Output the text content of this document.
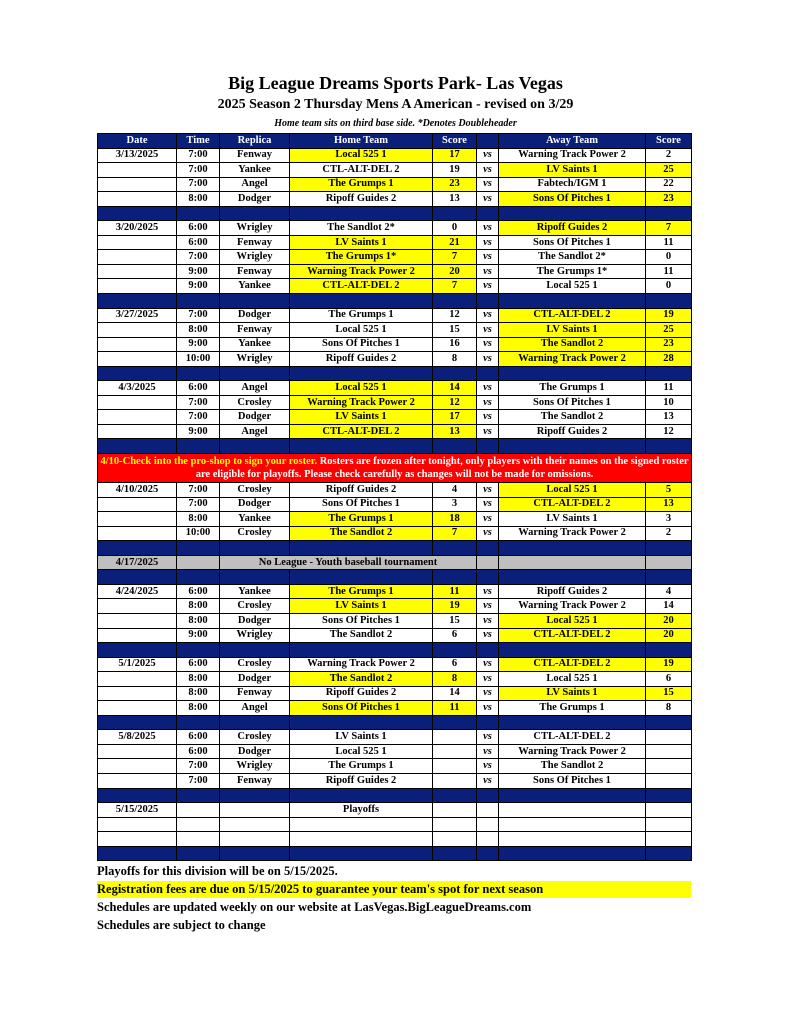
Big League Dreams Sports Park- Las Vegas
2025 Season 2 Thursday Mens A American - revised on 3/29
Home team sits on third base side. *Denotes Doubleheader
Date	Time	Replica	Home Team	Score		Away Team	Score
3/13/2025	7:00	Fenway	Local 525 1	17	vs	Warning Track Power 2	2
	7:00	Yankee	CTL-ALT-DEL 2	19	vs	LV Saints 1	25
	7:00	Angel	The Grumps 1	23	vs	Fabtech/IGM 1	22
	8:00	Dodger	Ripoff Guides 2	13	vs	Sons Of Pitches 1	23

3/20/2025	6:00	Wrigley	The Sandlot 2*	0	vs	Ripoff Guides 2	7
	6:00	Fenway	LV Saints 1	21	vs	Sons Of Pitches 1	11
	7:00	Wrigley	The Grumps 1*	7	vs	The Sandlot 2*	0
	9:00	Fenway	Warning Track Power 2	20	vs	The Grumps 1*	11
	9:00	Yankee	CTL-ALT-DEL 2	7	vs	Local 525 1	0

3/27/2025	7:00	Dodger	The Grumps 1	12	vs	CTL-ALT-DEL 2	19
	8:00	Fenway	Local 525 1	15	vs	LV Saints 1	25
	9:00	Yankee	Sons Of Pitches 1	16	vs	The Sandlot 2	23
	10:00	Wrigley	Ripoff Guides 2	8	vs	Warning Track Power 2	28

4/3/2025	6:00	Angel	Local 525 1	14	vs	The Grumps 1	11
	7:00	Crosley	Warning Track Power 2	12	vs	Sons Of Pitches 1	10
	7:00	Dodger	LV Saints 1	17	vs	The Sandlot 2	13
	9:00	Angel	CTL-ALT-DEL 2	13	vs	Ripoff Guides 2	12

4/10-Check into the pro-shop to sign your roster. Rosters are frozen after tonight, only players with their names on the signed roster are eligible for playoffs. Please check carefully as changes will not be made for omissions.							
4/10/2025	7:00	Crosley	Ripoff Guides 2	4	vs	Local 525 1	5
	7:00	Dodger	Sons Of Pitches 1	3	vs	CTL-ALT-DEL 2	13
	8:00	Yankee	The Grumps 1	18	vs	LV Saints 1	3
	10:00	Crosley	The Sandlot 2	7	vs	Warning Track Power 2	2

4/17/2025		No League - Youth baseball tournament					

4/24/2025	6:00	Yankee	The Grumps 1	11	vs	Ripoff Guides 2	4
	8:00	Crosley	LV Saints 1	19	vs	Warning Track Power 2	14
	8:00	Dodger	Sons Of Pitches 1	15	vs	Local 525 1	20
	9:00	Wrigley	The Sandlot 2	6	vs	CTL-ALT-DEL 2	20

5/1/2025	6:00	Crosley	Warning Track Power 2	6	vs	CTL-ALT-DEL 2	19
	8:00	Dodger	The Sandlot 2	8	vs	Local 525 1	6
	8:00	Fenway	Ripoff Guides 2	14	vs	LV Saints 1	15
	8:00	Angel	Sons Of Pitches 1	11	vs	The Grumps 1	8

5/8/2025	6:00	Crosley	LV Saints 1		vs	CTL-ALT-DEL 2	
	6:00	Dodger	Local 525 1		vs	Warning Track Power 2	
	7:00	Wrigley	The Grumps 1		vs	The Sandlot 2	
	7:00	Fenway	Ripoff Guides 2		vs	Sons Of Pitches 1	

5/15/2025			Playoffs				

Playoffs for this division will be on 5/15/2025.
Registration fees are due on 5/15/2025 to guarantee your team's spot for next season
Schedules are updated weekly on our website at LasVegas.BigLeagueDreams.com
Schedules are subject to change
